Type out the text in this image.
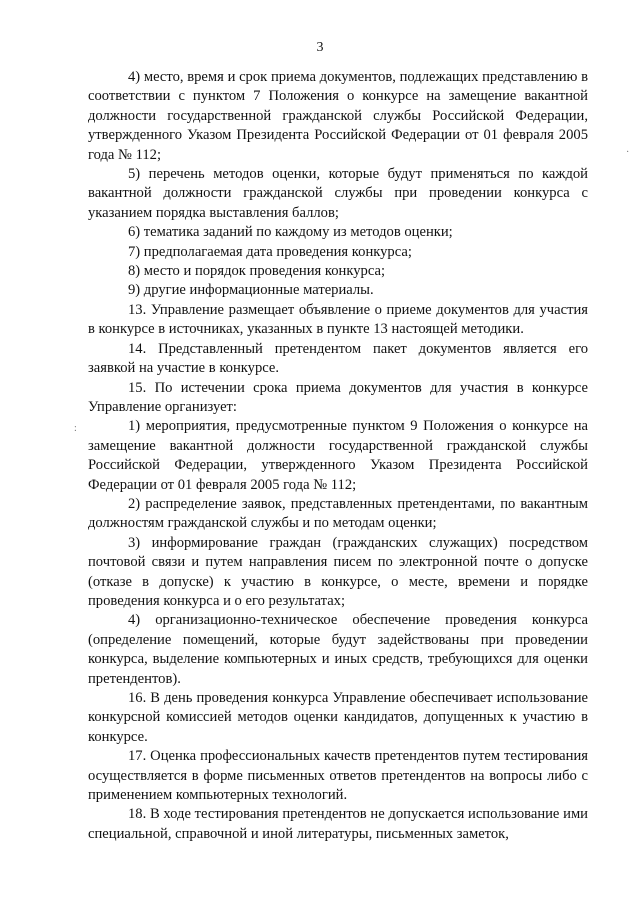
3

4) место, время и срок приема документов, подлежащих представлению в соответствии с пунктом 7 Положения о конкурсе на замещение вакантной должности государственной гражданской службы Российской Федерации, утвержденного Указом Президента Российской Федерации от 01 февраля 2005 года № 112;

5) перечень методов оценки, которые будут применяться по каждой вакантной должности гражданской службы при проведении конкурса с указанием порядка выставления баллов;

6) тематика заданий по каждому из методов оценки;

7) предполагаемая дата проведения конкурса;

8) место и порядок проведения конкурса;

9) другие информационные материалы.

13. Управление размещает объявление о приеме документов для участия в конкурсе в источниках, указанных в пункте 13 настоящей методики.

14. Представленный претендентом пакет документов является его заявкой на участие в конкурсе.

15. По истечении срока приема документов для участия в конкурсе Управление организует:

1) мероприятия, предусмотренные пунктом 9 Положения о конкурсе на замещение вакантной должности государственной гражданской службы Российской Федерации, утвержденного Указом Президента Российской Федерации от 01 февраля 2005 года № 112;

2) распределение заявок, представленных претендентами, по вакантным должностям гражданской службы и по методам оценки;

3) информирование граждан (гражданских служащих) посредством почтовой связи и путем направления писем по электронной почте о допуске (отказе в допуске) к участию в конкурсе, о месте, времени и порядке проведения конкурса и о его результатах;

4) организационно-техническое обеспечение проведения конкурса (определение помещений, которые будут задействованы при проведении конкурса, выделение компьютерных и иных средств, требующихся для оценки претендентов).

16. В день проведения конкурса Управление обеспечивает использование конкурсной комиссией методов оценки кандидатов, допущенных к участию в конкурсе.

17. Оценка профессиональных качеств претендентов путем тестирования осуществляется в форме письменных ответов претендентов на вопросы либо с применением компьютерных технологий.

18. В ходе тестирования претендентов не допускается использование ими специальной, справочной и иной литературы, письменных заметок,

·
:
